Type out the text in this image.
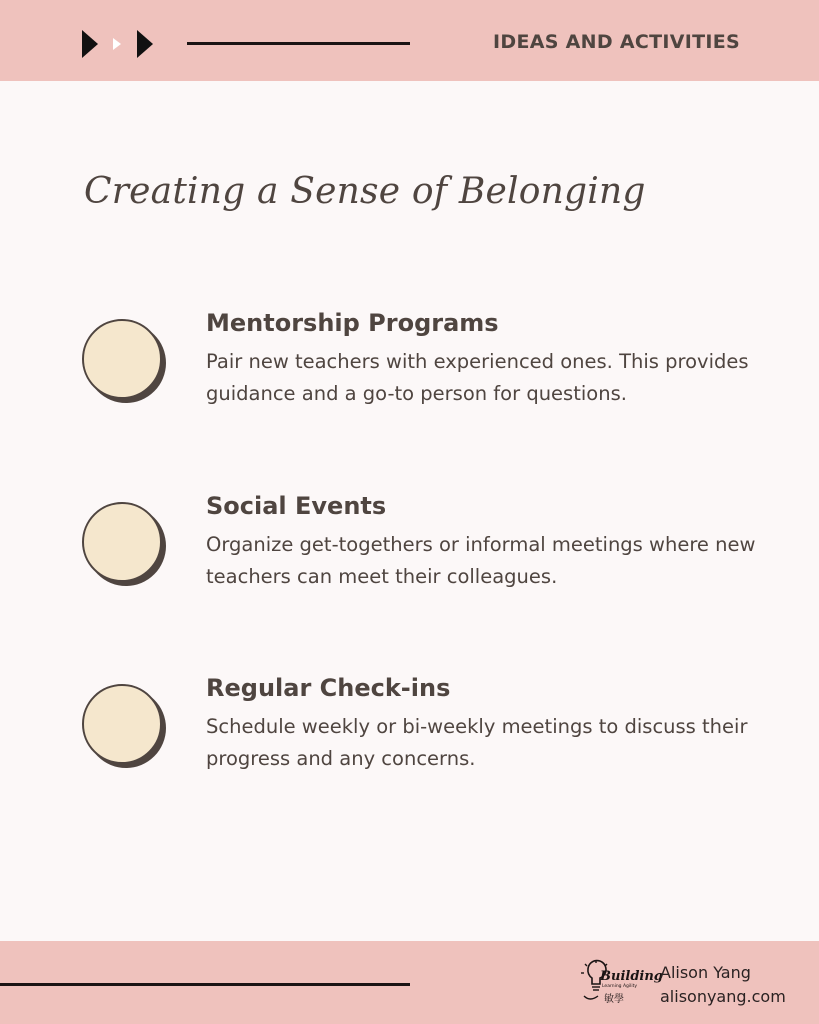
IDEAS AND ACTIVITIES
Creating a Sense of Belonging
Mentorship Programs
Pair new teachers with experienced ones. This provides guidance and a go-to person for questions.
Social Events
Organize get-togethers or informal meetings where new teachers can meet their colleagues.
Regular Check-ins
Schedule weekly or bi-weekly meetings to discuss their progress and any concerns.
Building
Learning Agility
敏學
Alison Yang
alisonyang.com
